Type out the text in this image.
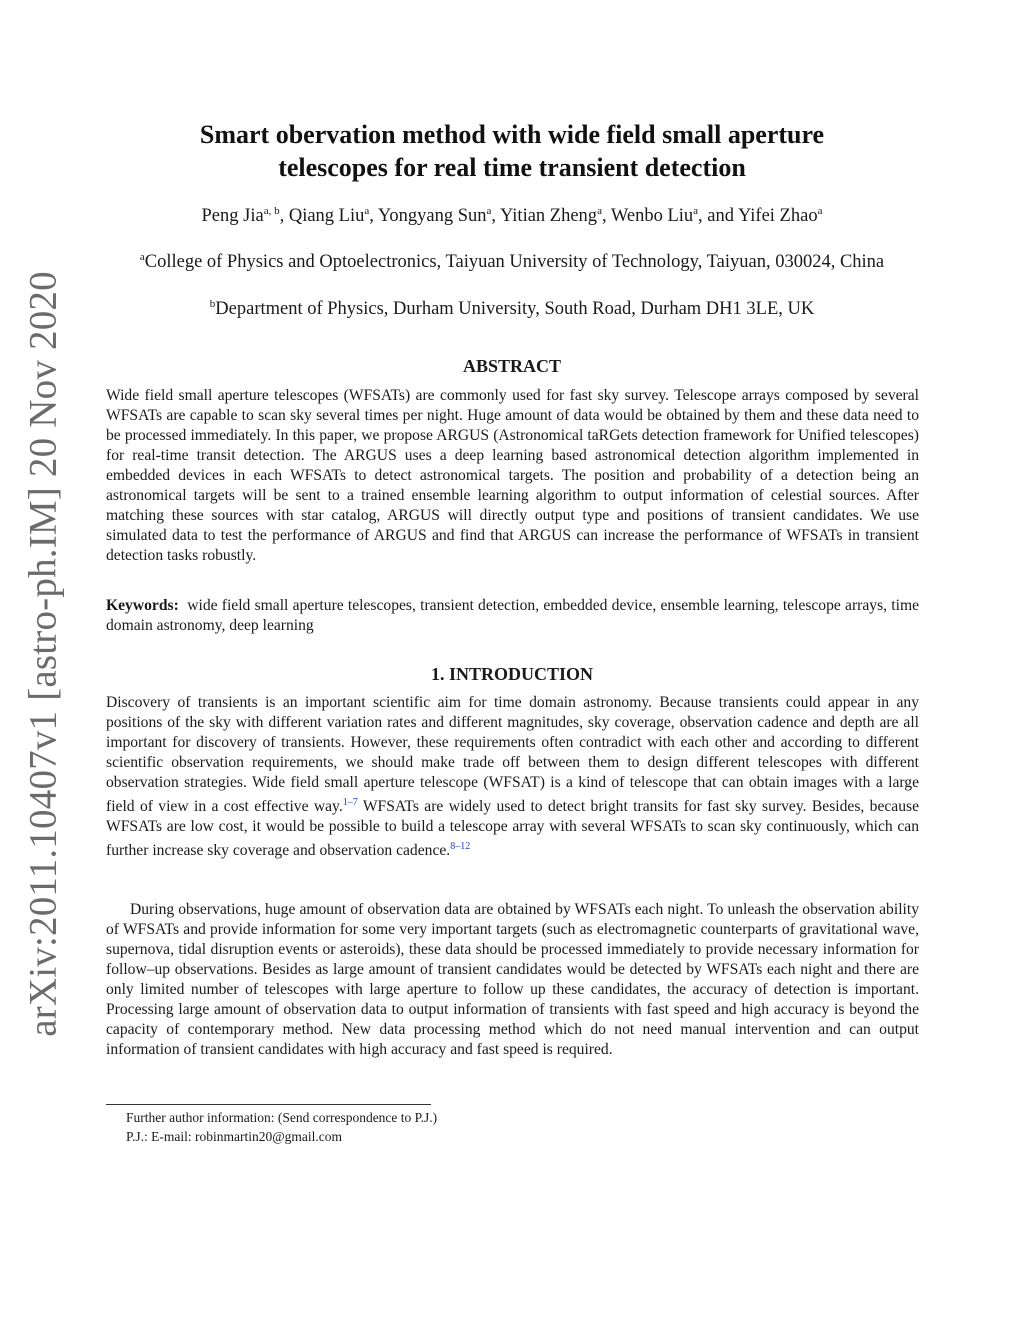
arXiv:2011.10407v1 [astro-ph.IM] 20 Nov 2020
Smart obervation method with wide field small aperture
telescopes for real time transient detection
Peng Jia$^{a, b}$, Qiang Liu$^a$, Yongyang Sun$^a$, Yitian Zheng$^a$, Wenbo Liu$^a$, and Yifei Zhao$^a$
$^a$College of Physics and Optoelectronics, Taiyuan University of Technology, Taiyuan, 030024, China
$^b$Department of Physics, Durham University, South Road, Durham DH1 3LE, UK
ABSTRACT
Wide field small aperture telescopes (WFSATs) are commonly used for fast sky survey. Telescope arrays composed by several WFSATs are capable to scan sky several times per night. Huge amount of data would be obtained by them and these data need to be processed immediately. In this paper, we propose ARGUS (Astronomical taRGets detection framework for Unified telescopes) for real-time transit detection. The ARGUS uses a deep learning based astronomical detection algorithm implemented in embedded devices in each WFSATs to detect astronomical targets. The position and probability of a detection being an astronomical targets will be sent to a trained ensemble learning algorithm to output information of celestial sources. After matching these sources with star catalog, ARGUS will directly output type and positions of transient candidates. We use simulated data to test the performance of ARGUS and find that ARGUS can increase the performance of WFSATs in transient detection tasks robustly.
Keywords: wide field small aperture telescopes, transient detection, embedded device, ensemble learning, telescope arrays, time domain astronomy, deep learning
1. INTRODUCTION
Discovery of transients is an important scientific aim for time domain astronomy. Because transients could appear in any positions of the sky with different variation rates and different magnitudes, sky coverage, observation cadence and depth are all important for discovery of transients. However, these requirements often contradict with each other and according to different scientific observation requirements, we should make trade off between them to design different telescopes with different observation strategies. Wide field small aperture telescope (WFSAT) is a kind of telescope that can obtain images with a large field of view in a cost effective way.$^{1-7}$ WFSATs are widely used to detect bright transits for fast sky survey. Besides, because WFSATs are low cost, it would be possible to build a telescope array with several WFSATs to scan sky continuously, which can further increase sky coverage and observation cadence.$^{8-12}$
During observations, huge amount of observation data are obtained by WFSATs each night. To unleash the observation ability of WFSATs and provide information for some very important targets (such as electromagnetic counterparts of gravitational wave, supernova, tidal disruption events or asteroids), these data should be processed immediately to provide necessary information for follow–up observations. Besides as large amount of transient candidates would be detected by WFSATs each night and there are only limited number of telescopes with large aperture to follow up these candidates, the accuracy of detection is important. Processing large amount of observation data to output information of transients with fast speed and high accuracy is beyond the capacity of contemporary method. New data processing method which do not need manual intervention and can output information of transient candidates with high accuracy and fast speed is required.
Further author information: (Send correspondence to P.J.)
P.J.: E-mail: robinmartin20@gmail.com
